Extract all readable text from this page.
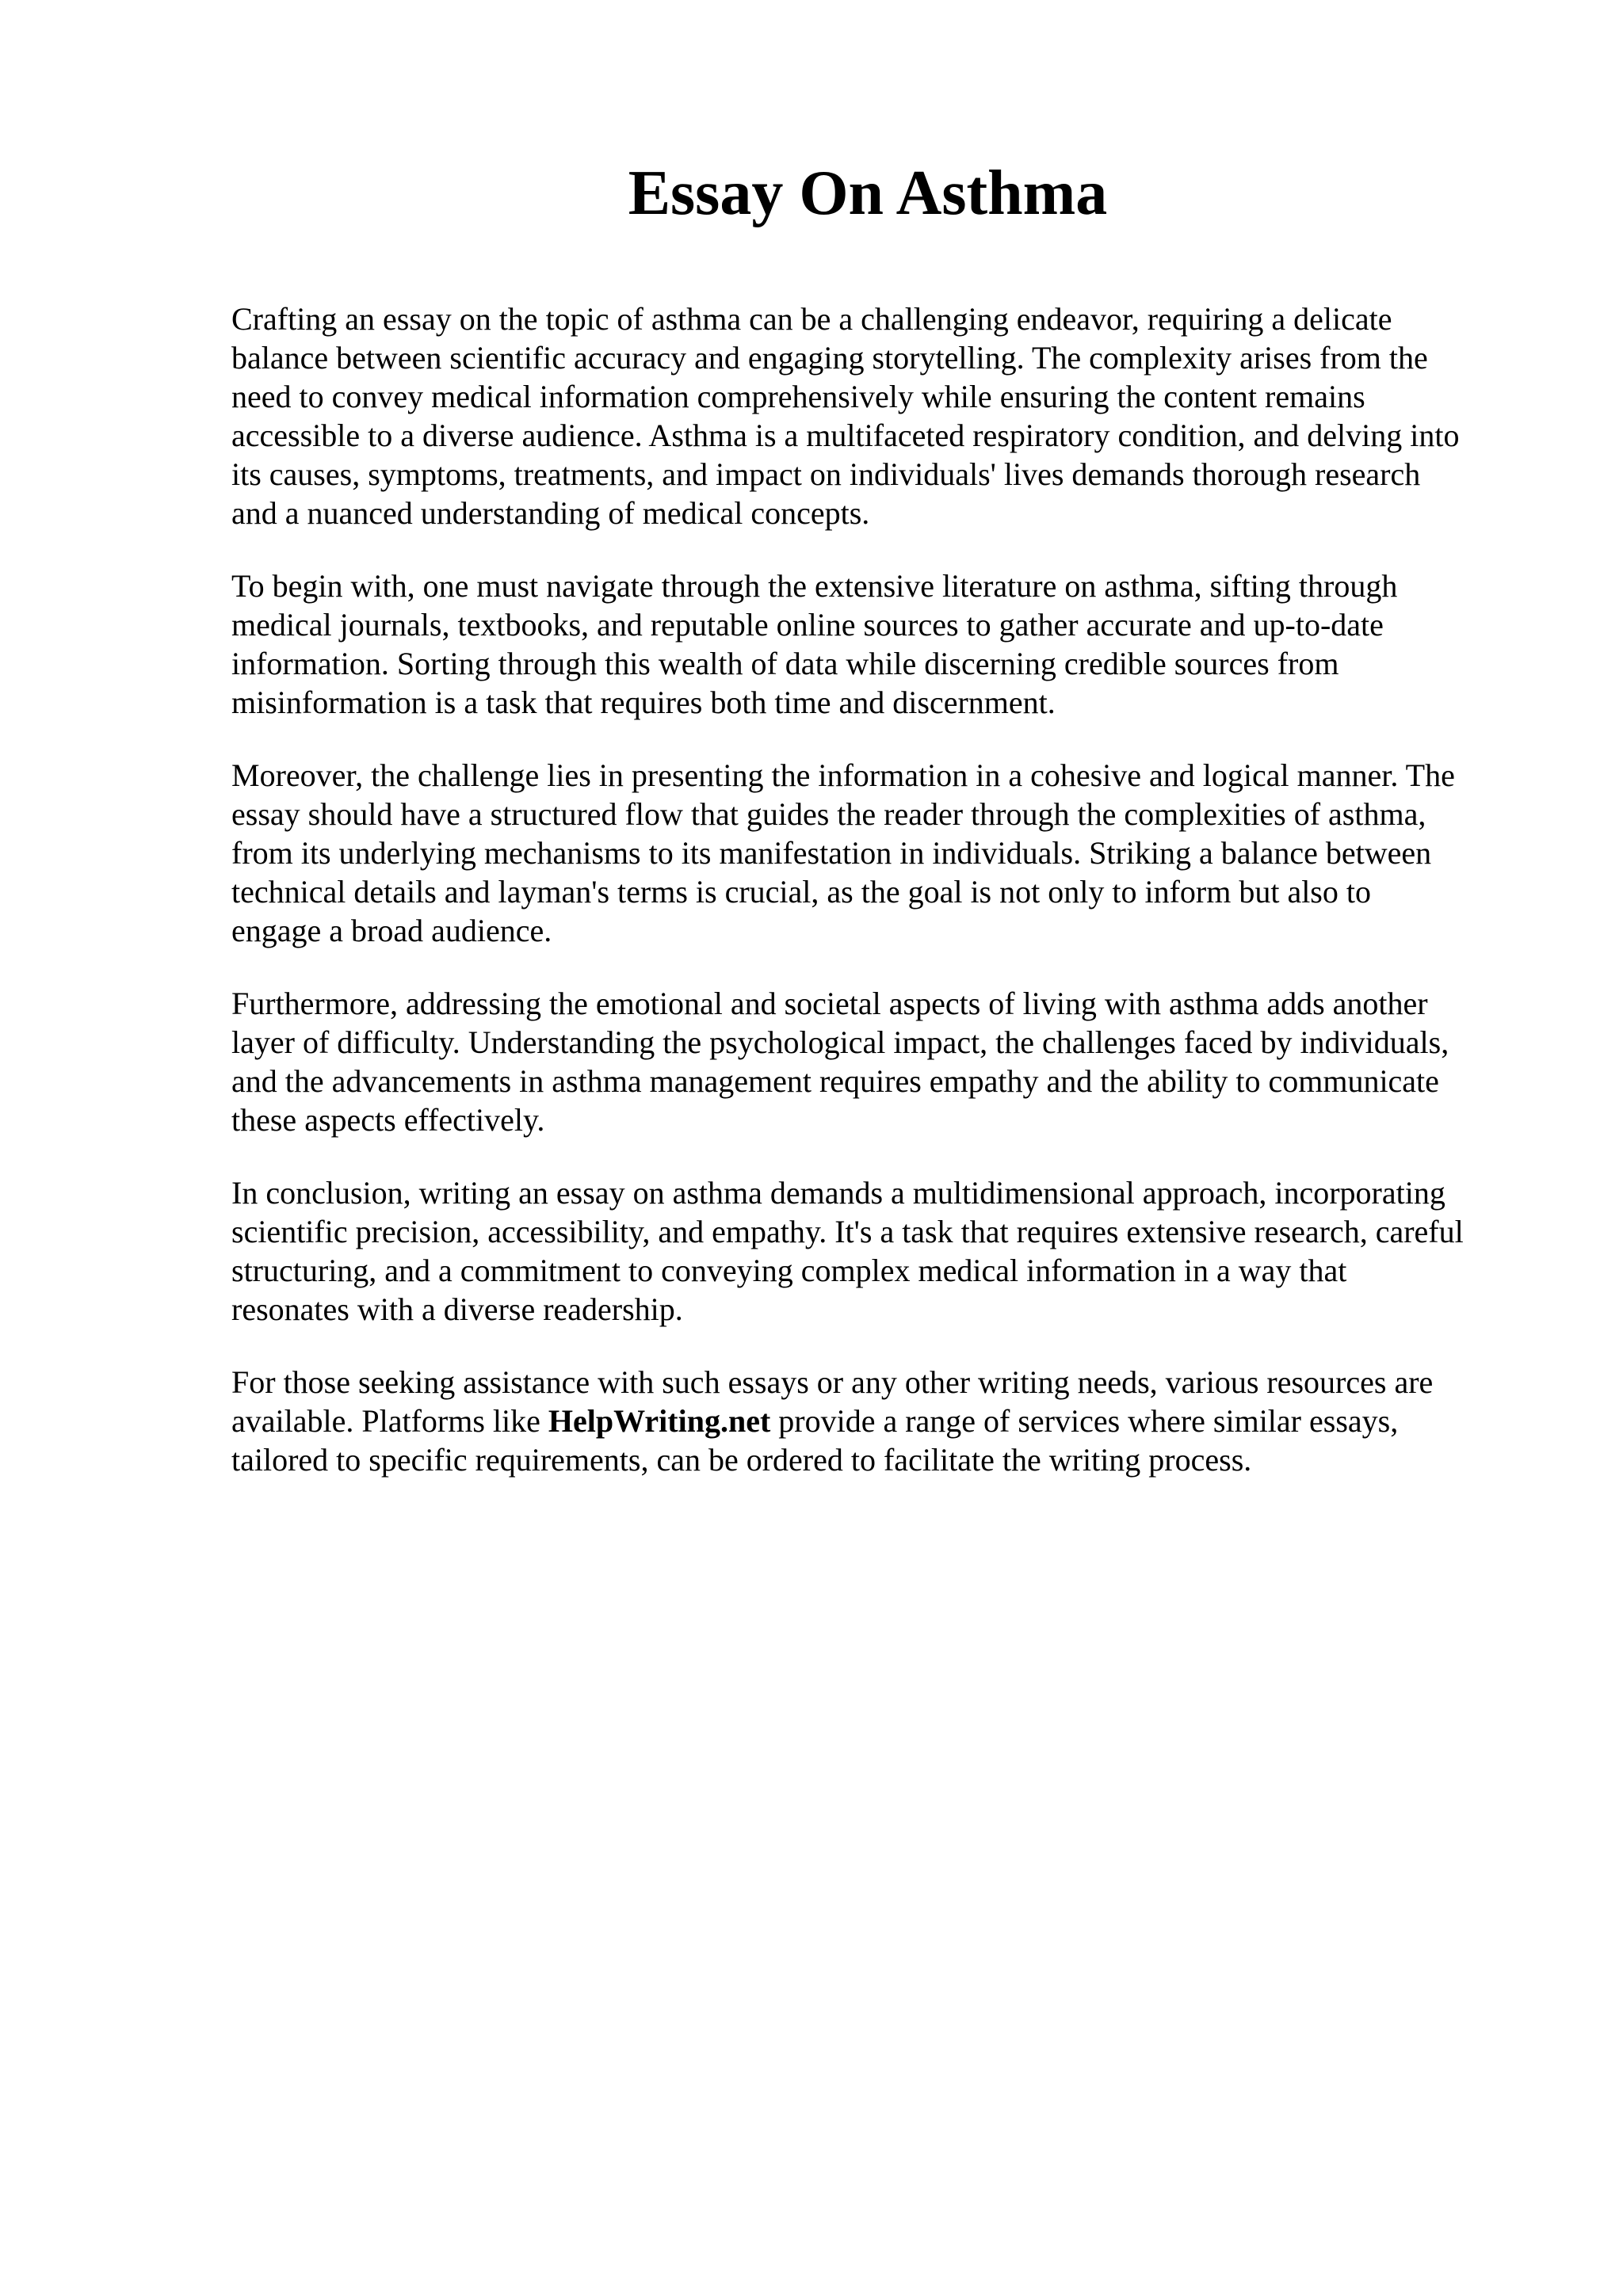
Essay On Asthma

Crafting an essay on the topic of asthma can be a challenging endeavor, requiring a delicate
balance between scientific accuracy and engaging storytelling. The complexity arises from the
need to convey medical information comprehensively while ensuring the content remains
accessible to a diverse audience. Asthma is a multifaceted respiratory condition, and delving into
its causes, symptoms, treatments, and impact on individuals' lives demands thorough research
and a nuanced understanding of medical concepts.

To begin with, one must navigate through the extensive literature on asthma, sifting through
medical journals, textbooks, and reputable online sources to gather accurate and up-to-date
information. Sorting through this wealth of data while discerning credible sources from
misinformation is a task that requires both time and discernment.

Moreover, the challenge lies in presenting the information in a cohesive and logical manner. The
essay should have a structured flow that guides the reader through the complexities of asthma,
from its underlying mechanisms to its manifestation in individuals. Striking a balance between
technical details and layman's terms is crucial, as the goal is not only to inform but also to
engage a broad audience.

Furthermore, addressing the emotional and societal aspects of living with asthma adds another
layer of difficulty. Understanding the psychological impact, the challenges faced by individuals,
and the advancements in asthma management requires empathy and the ability to communicate
these aspects effectively.

In conclusion, writing an essay on asthma demands a multidimensional approach, incorporating
scientific precision, accessibility, and empathy. It's a task that requires extensive research, careful
structuring, and a commitment to conveying complex medical information in a way that
resonates with a diverse readership.

For those seeking assistance with such essays or any other writing needs, various resources are
available. Platforms like HelpWriting.net provide a range of services where similar essays,
tailored to specific requirements, can be ordered to facilitate the writing process.
